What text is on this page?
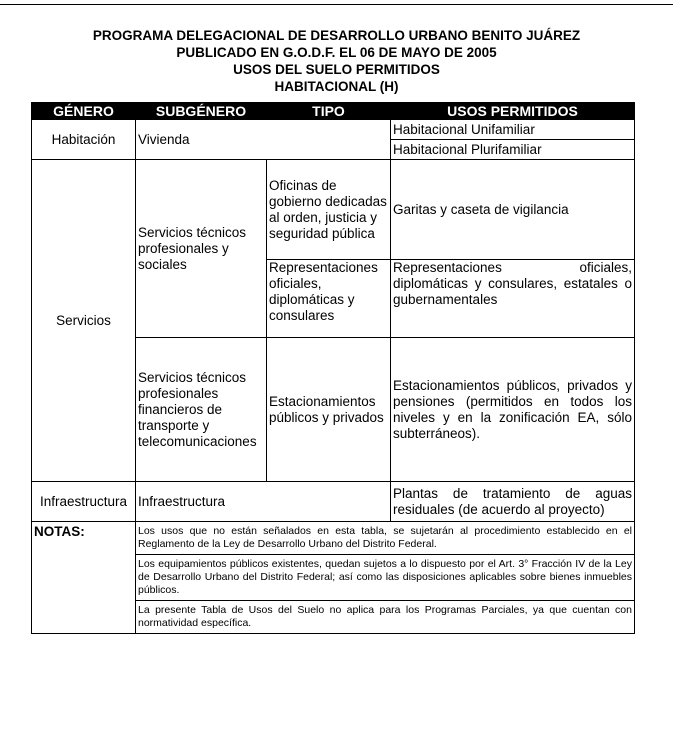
PROGRAMA DELEGACIONAL DE DESARROLLO URBANO BENITO JUÁREZ
PUBLICADO EN G.O.D.F. EL 06 DE MAYO DE 2005
USOS DEL SUELO PERMITIDOS
HABITACIONAL (H)
GÉNERO	SUBGÉNERO	TIPO	USOS PERMITIDOS
Habitación	Vivienda		Habitacional Unifamiliar
			Habitacional Plurifamiliar
Servicios	Servicios técnicos profesionales y sociales	Oficinas de gobierno dedicadas al orden, justicia y seguridad pública	Garitas y caseta de vigilancia
		Representaciones oficiales, diplomáticas y consulares	Representaciones oficiales, diplomáticas y consulares, estatales o gubernamentales
	Servicios técnicos profesionales financieros de transporte y telecomunicaciones	Estacionamientos públicos y privados	Estacionamientos públicos, privados y pensiones (permitidos en todos los niveles y en la zonificación EA, sólo subterráneos).
Infraestructura	Infraestructura		Plantas de tratamiento de aguas residuales (de acuerdo al proyecto)
NOTAS:	Los usos que no están señalados en esta tabla, se sujetarán al procedimiento establecido en el Reglamento de la Ley de Desarrollo Urbano del Distrito Federal.		
	Los equipamientos públicos existentes, quedan sujetos a lo dispuesto por el Art. 3° Fracción IV de la Ley de Desarrollo Urbano del Distrito Federal; así como las disposiciones aplicables sobre bienes inmuebles públicos.		
	La presente Tabla de Usos del Suelo no aplica para los Programas Parciales, ya que cuentan con normatividad específica.		
